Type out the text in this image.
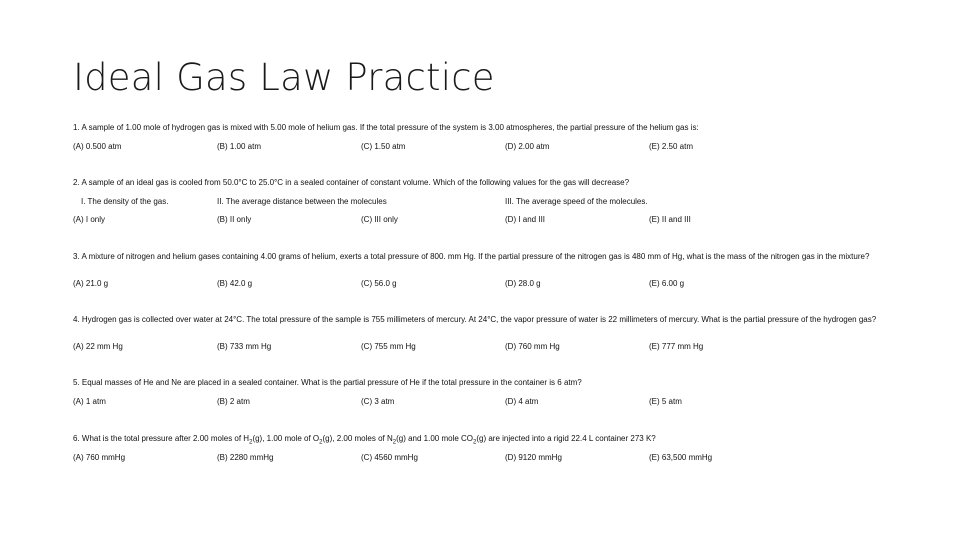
Ideal Gas Law Practice
1. A sample of 1.00 mole of hydrogen gas is mixed with 5.00 mole of helium gas. If the total pressure of the system is 3.00 atmospheres, the partial pressure of the helium gas is:
(A) 0.500 atm	(B) 1.00 atm	(C) 1.50 atm	(D) 2.00 atm	(E) 2.50 atm
2. A sample of an ideal gas is cooled from 50.0°C to 25.0°C in a sealed container of constant volume. Which of the following values for the gas will decrease?
I. The density of the gas.	II. The average distance between the molecules	III. The average speed of the molecules.
(A) I only	(B) II only	(C) III only	(D) I and III	(E) II and III
3. A mixture of nitrogen and helium gases containing 4.00 grams of helium, exerts a total pressure of 800. mm Hg. If the partial pressure of the nitrogen gas is 480 mm of Hg, what is the mass of the nitrogen gas in the mixture?
(A) 21.0 g	(B) 42.0 g	(C) 56.0 g	(D) 28.0 g	(E) 6.00 g
4. Hydrogen gas is collected over water at 24°C. The total pressure of the sample is 755 millimeters of mercury. At 24°C, the vapor pressure of water is 22 millimeters of mercury. What is the partial pressure of the hydrogen gas?
(A) 22 mm Hg	(B) 733 mm Hg	(C) 755 mm Hg	(D) 760 mm Hg	(E) 777 mm Hg
5. Equal masses of He and Ne are placed in a sealed container. What is the partial pressure of He if the total pressure in the container is 6 atm?
(A) 1 atm	(B) 2 atm	(C) 3 atm	(D) 4 atm	(E) 5 atm
6. What is the total pressure after 2.00 moles of $H_2(g)$, 1.00 mole of $O_2(g)$, 2.00 moles of $N_2(g)$ and 1.00 mole $CO_2(g)$ are injected into a rigid 22.4 L container 273 K?
(A) 760 mmHg	(B) 2280 mmHg	(C) 4560 mmHg	(D) 9120 mmHg	(E) 63,500 mmHg
